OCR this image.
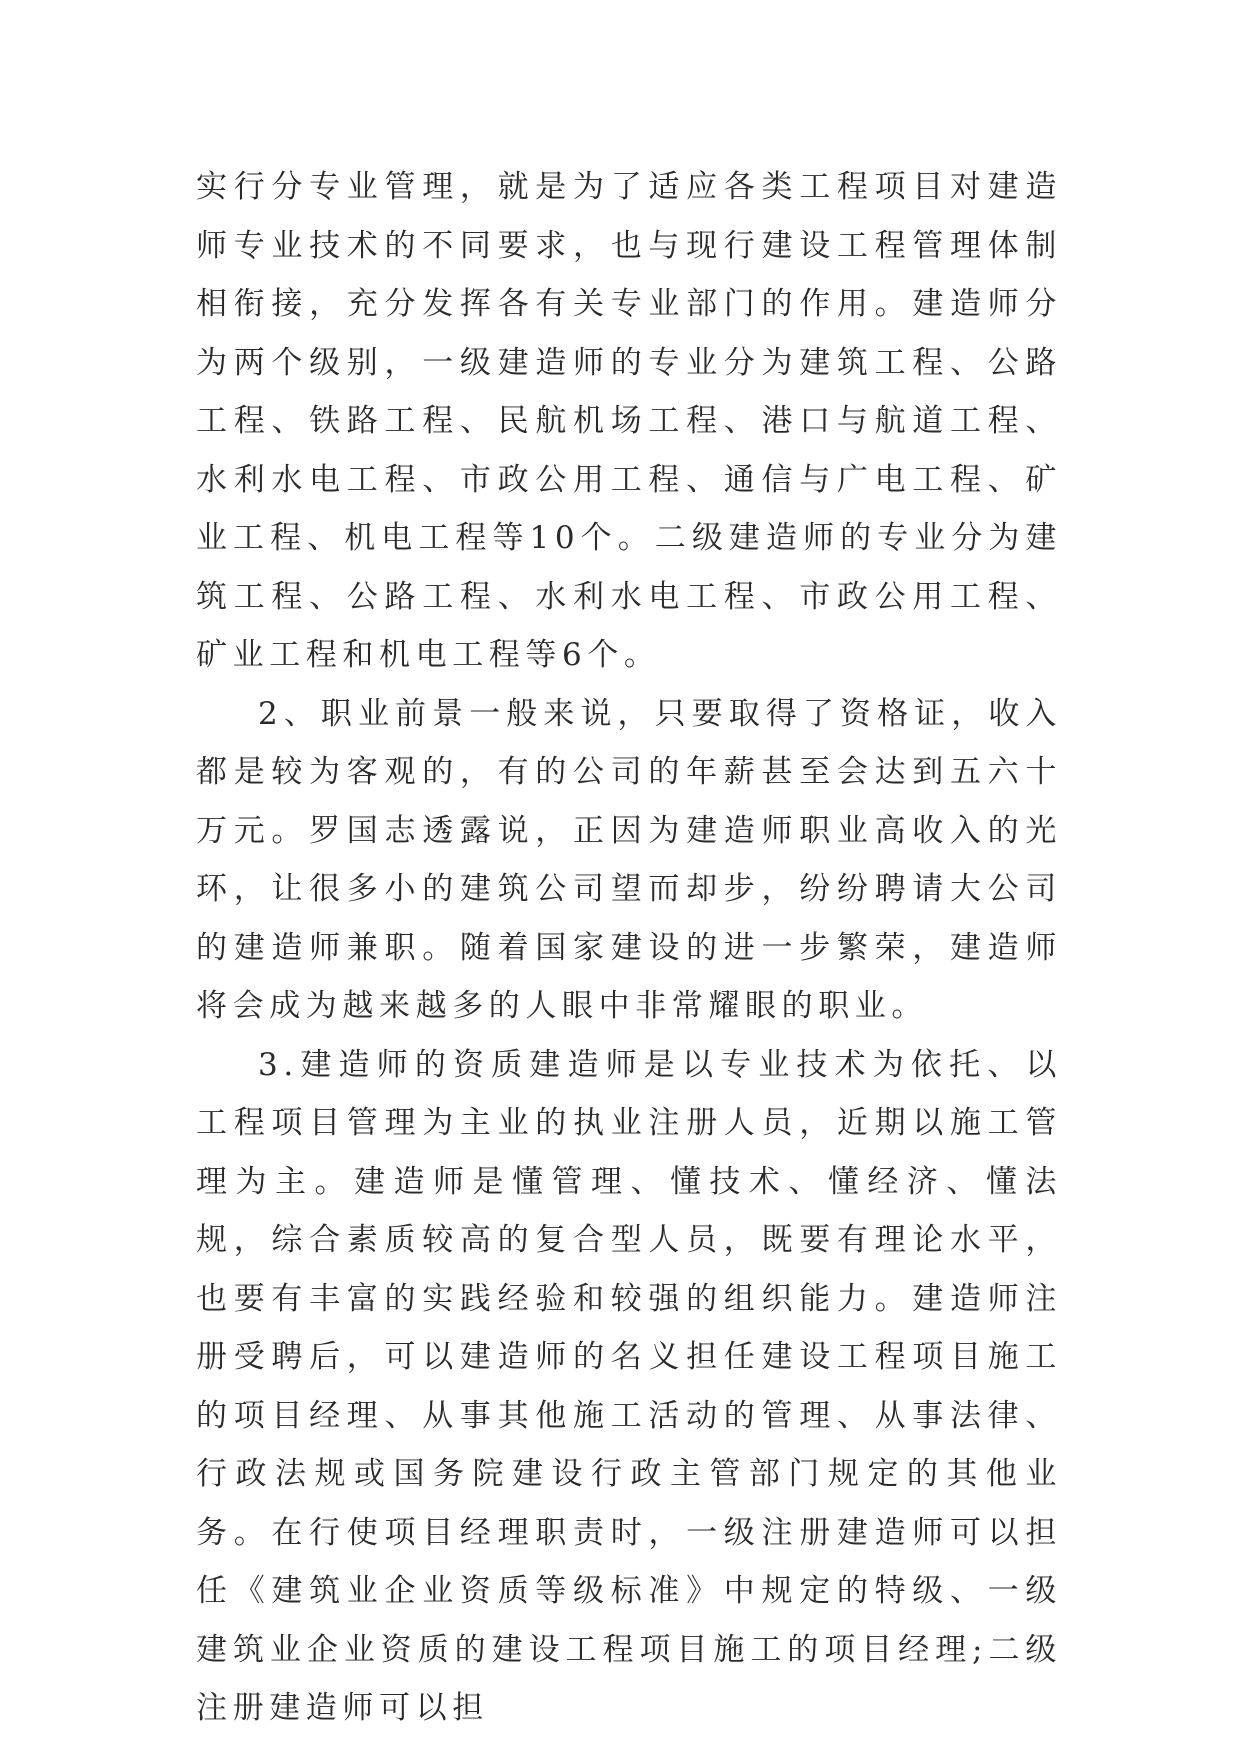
实行分专业管理，就是为了适应各类工程项目对建造师专业技术的不同要求，也与现行建设工程管理体制相衔接，充分发挥各有关专业部门的作用。建造师分为两个级别，一级建造师的专业分为建筑工程、公路工程、铁路工程、民航机场工程、港口与航道工程、水利水电工程、市政公用工程、通信与广电工程、矿业工程、机电工程等10个。二级建造师的专业分为建筑工程、公路工程、水利水电工程、市政公用工程、矿业工程和机电工程等6个。

2、职业前景一般来说，只要取得了资格证，收入都是较为客观的，有的公司的年薪甚至会达到五六十万元。罗国志透露说，正因为建造师职业高收入的光环，让很多小的建筑公司望而却步，纷纷聘请大公司的建造师兼职。随着国家建设的进一步繁荣，建造师将会成为越来越多的人眼中非常耀眼的职业。

3.建造师的资质建造师是以专业技术为依托、以工程项目管理为主业的执业注册人员，近期以施工管理为主。建造师是懂管理、懂技术、懂经济、懂法规，综合素质较高的复合型人员，既要有理论水平，也要有丰富的实践经验和较强的组织能力。建造师注册受聘后，可以建造师的名义担任建设工程项目施工的项目经理、从事其他施工活动的管理、从事法律、行政法规或国务院建设行政主管部门规定的其他业务。在行使项目经理职责时，一级注册建造师可以担任《建筑业企业资质等级标准》中规定的特级、一级建筑业企业资质的建设工程项目施工的项目经理;二级注册建造师可以担
